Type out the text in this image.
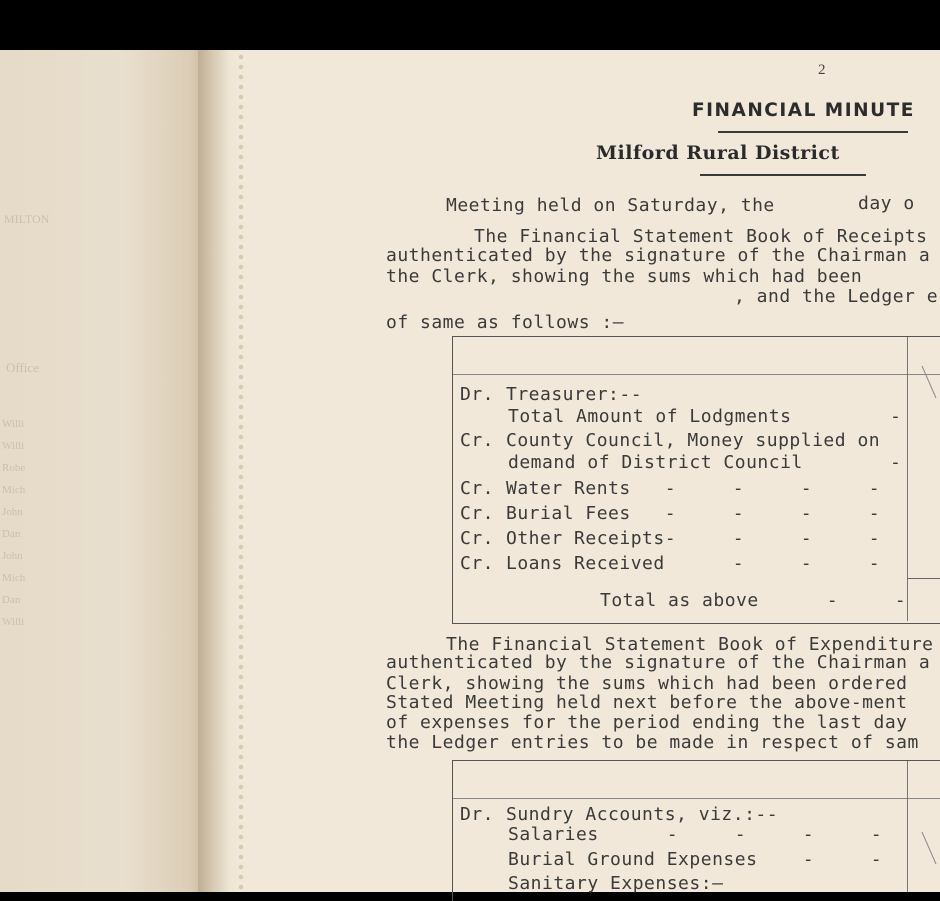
MILTON
Office
Willi
Willi
Robe
Mich
John
Dan
John
Mich
Dan
Willi
2
FINANCIAL MINUTE
Milford Rural District
Meeting held on Saturday, the	day o
The Financial Statement Book of Receipts
authenticated by the signature of the Chairman a
the Clerk, showing the sums which had been
, and the Ledger e
of same as follows :—
Dr. Treasurer:--
Total Amount of Lodgments	-
Cr. County Council, Money supplied on
demand of District Council	-
Cr. Water Rents   -     -     -     -
Cr. Burial Fees   -     -     -     -
Cr. Other Receipts-     -     -     -
Cr. Loans Received      -     -     -
Total as above      -     -
The Financial Statement Book of Expenditure
authenticated by the signature of the Chairman a
Clerk, showing the sums which had been ordered
Stated Meeting held next before the above-ment
of expenses for the period ending the last day
the Ledger entries to be made in respect of sam
Dr. Sundry Accounts, viz.:--
Salaries      -     -     -     -
Burial Ground Expenses    -     -
Sanitary Expenses:—
